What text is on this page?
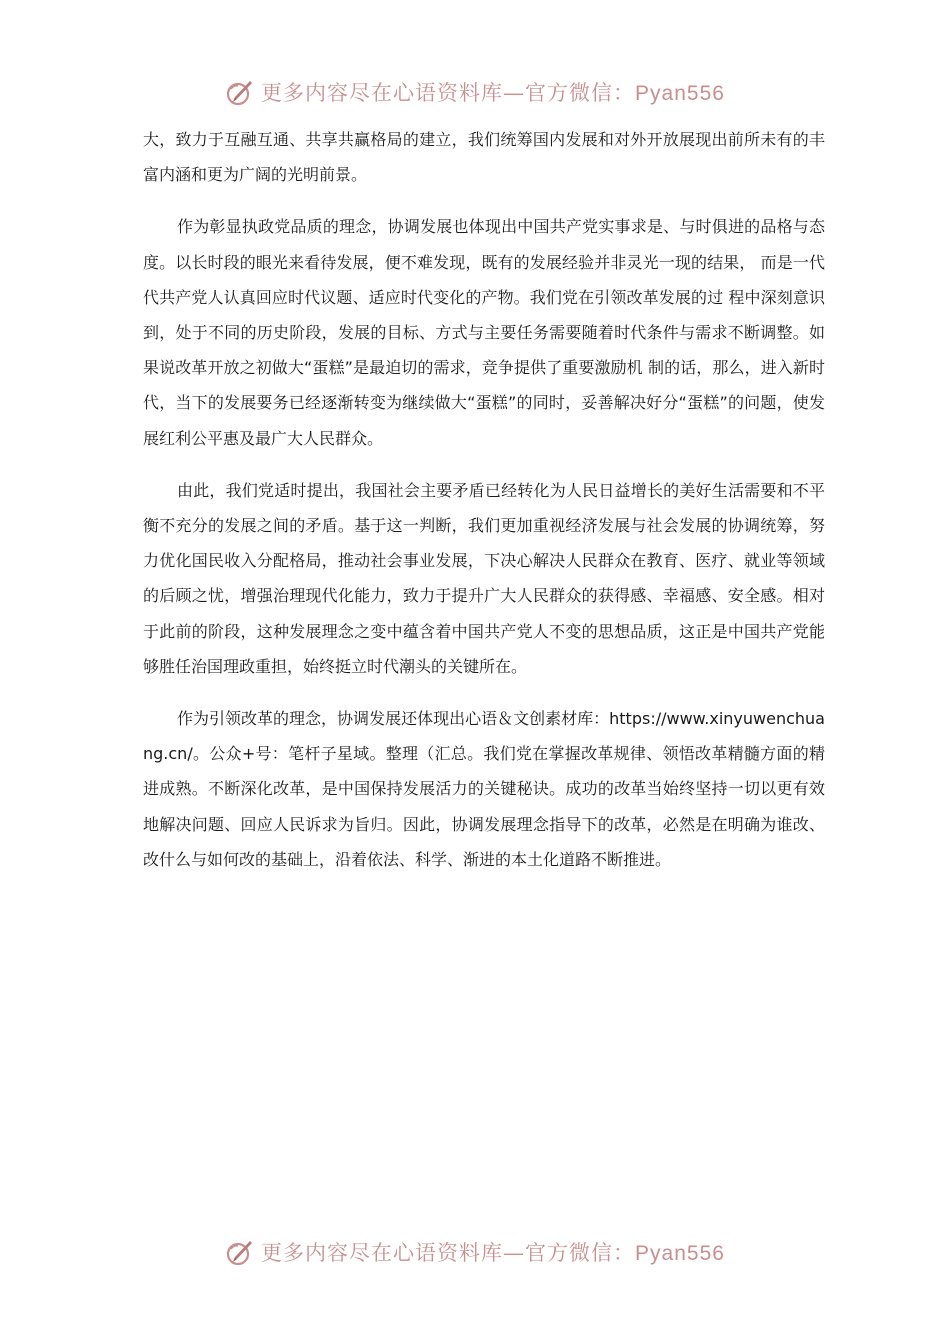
更多内容尽在心语资料库—官方微信：Pyan556

大，致力于互融互通、共享共赢格局的建立，我们统筹国内发展和对外开放展现出前所未有的丰富内涵和更为广阔的光明前景。

作为彰显执政党品质的理念，协调发展也体现出中国共产党实事求是、与时俱进的品格与态度。以长时段的眼光来看待发展，便不难发现，既有的发展经验并非灵光一现的结果， 而是一代代共产党人认真回应时代议题、适应时代变化的产物。我们党在引领改革发展的过 程中深刻意识到，处于不同的历史阶段，发展的目标、方式与主要任务需要随着时代条件与需求不断调整。如果说改革开放之初做大“蛋糕”是最迫切的需求，竞争提供了重要激励机 制的话，那么，进入新时代，当下的发展要务已经逐渐转变为继续做大“蛋糕”的同时，妥善解决好分“蛋糕”的问题，使发展红利公平惠及最广大人民群众。

由此，我们党适时提出，我国社会主要矛盾已经转化为人民日益增长的美好生活需要和不平衡不充分的发展之间的矛盾。基于这一判断，我们更加重视经济发展与社会发展的协调统筹，努力优化国民收入分配格局，推动社会事业发展，下决心解决人民群众在教育、医疗、就业等领域的后顾之忧，增强治理现代化能力，致力于提升广大人民群众的获得感、幸福感、安全感。相对于此前的阶段，这种发展理念之变中蕴含着中国共产党人不变的思想品质，这正是中国共产党能够胜任治国理政重担，始终挺立时代潮头的关键所在。

作为引领改革的理念，协调发展还体现出心语＆文创素材库：https://www.xinyuwenchuang.cn/。公众+号：笔杆子星域。整理（汇总。我们党在掌握改革规律、领悟改革精髓方面的精进成熟。不断深化改革，是中国保持发展活力的关键秘诀。成功的改革当始终坚持一切以更有效地解决问题、回应人民诉求为旨归。因此，协调发展理念指导下的改革，必然是在明确为谁改、改什么与如何改的基础上，沿着依法、科学、渐进的本土化道路不断推进。

更多内容尽在心语资料库—官方微信：Pyan556
